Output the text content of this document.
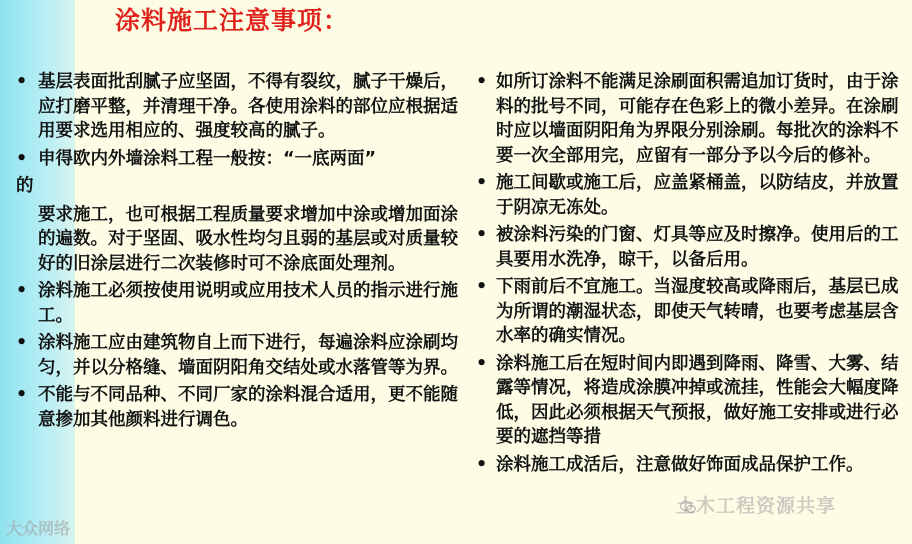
涂料施工注意事项：
• 基层表面批刮腻子应坚固，不得有裂纹，腻子干燥后，应打磨平整，并清理干净。各使用涂料的部位应根据适用要求选用相应的、强度较高的腻子。
• 申得欧内外墙涂料工程一般按：“一底两面”
的
要求施工，也可根据工程质量要求增加中涂或增加面涂的遍数。对于坚固、吸水性均匀且弱的基层或对质量较好的旧涂层进行二次装修时可不涂底面处理剂。
• 涂料施工必须按使用说明或应用技术人员的指示进行施工。
• 涂料施工应由建筑物自上而下进行，每遍涂料应涂刷均匀，并以分格缝、墙面阴阳角交结处或水落管等为界。
• 不能与不同品种、不同厂家的涂料混合适用，更不能随意掺加其他颜料进行调色。
• 如所订涂料不能满足涂刷面积需追加订货时，由于涂料的批号不同，可能存在色彩上的微小差异。在涂刷时应以墙面阴阳角为界限分别涂刷。每批次的涂料不要一次全部用完，应留有一部分予以今后的修补。
• 施工间歇或施工后，应盖紧桶盖，以防结皮，并放置于阴凉无冻处。
• 被涂料污染的门窗、灯具等应及时擦净。使用后的工具要用水洗净，晾干，以备后用。
• 下雨前后不宜施工。当湿度较高或降雨后，基层已成为所谓的潮湿状态，即使天气转晴，也要考虑基层含水率的确实情况。
• 涂料施工后在短时间内即遇到降雨、降雪、大雾、结露等情况，将造成涂膜冲掉或流挂，性能会大幅度降低，因此必须根据天气预报，做好施工安排或进行必要的遮挡等措
• 涂料施工成活后，注意做好饰面成品保护工作。
土木工程资源共享
大众网络
